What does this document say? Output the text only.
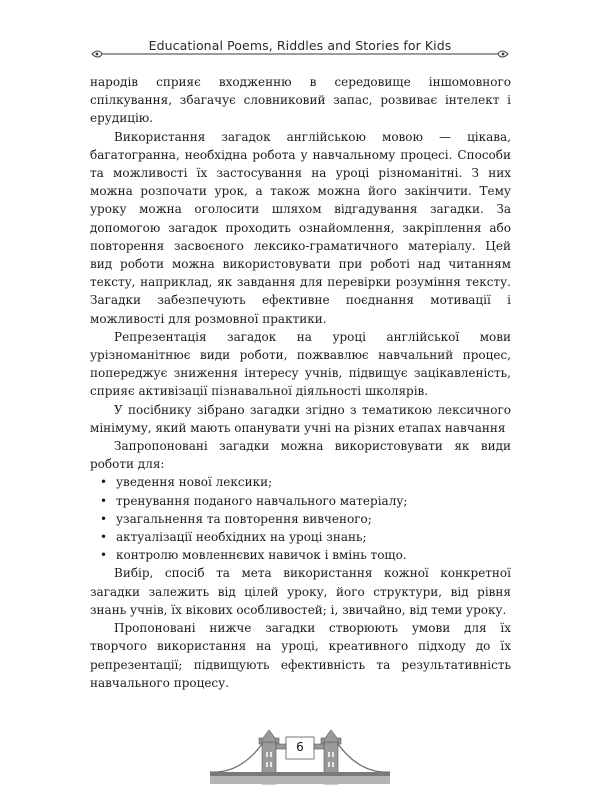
Educational Poems, Riddles and Stories for Kids

народів сприяє входженню в середовище іншомовного спілкування, збагачує словниковий запас, розвиває інтелект і ерудицію.

Використання загадок англійською мовою — цікава, багатогранна, необхідна робота у навчальному процесі. Способи та можливості їх застосування на уроці різноманітні. З них можна розпочати урок, а також можна його закінчити. Тему уроку можна оголосити шляхом відгадування загадки. За допомогою загадок проходить ознайомлення, закріплення або повторення засвоєного лексико-граматичного матеріалу. Цей вид роботи можна використовувати при роботі над читанням тексту, наприклад, як завдання для перевірки розуміння тексту. Загадки забезпечують ефективне поєднання мотивації і можливості для розмовної практики.

Репрезентація загадок на уроці англійської мови урізноманітнює види роботи, пожвавлює навчальний процес, попереджує зниження інтересу учнів, підвищує зацікавленість, сприяє активізації пізнавальної діяльності школярів.

У посібнику зібрано загадки згідно з тематикою лексичного мінімуму, який мають опанувати учні на різних етапах навчання

Запропоновані загадки можна використовувати як види роботи для:

• уведення нової лексики;
• тренування поданого навчального матеріалу;
• узагальнення та повторення вивченого;
• актуалізації необхідних на уроці знань;
• контролю мовленнєвих навичок і вмінь тощо.

Вибір, спосіб та мета використання кожної конкретної загадки залежить від цілей уроку, його структури, від рівня знань учнів, їх вікових особливостей; і, звичайно, від теми уроку.

Пропоновані нижче загадки створюють умови для їх творчого використання на уроці, креативного підходу до їх репрезентації; підвищують ефективність та результативність навчального процесу.

6
